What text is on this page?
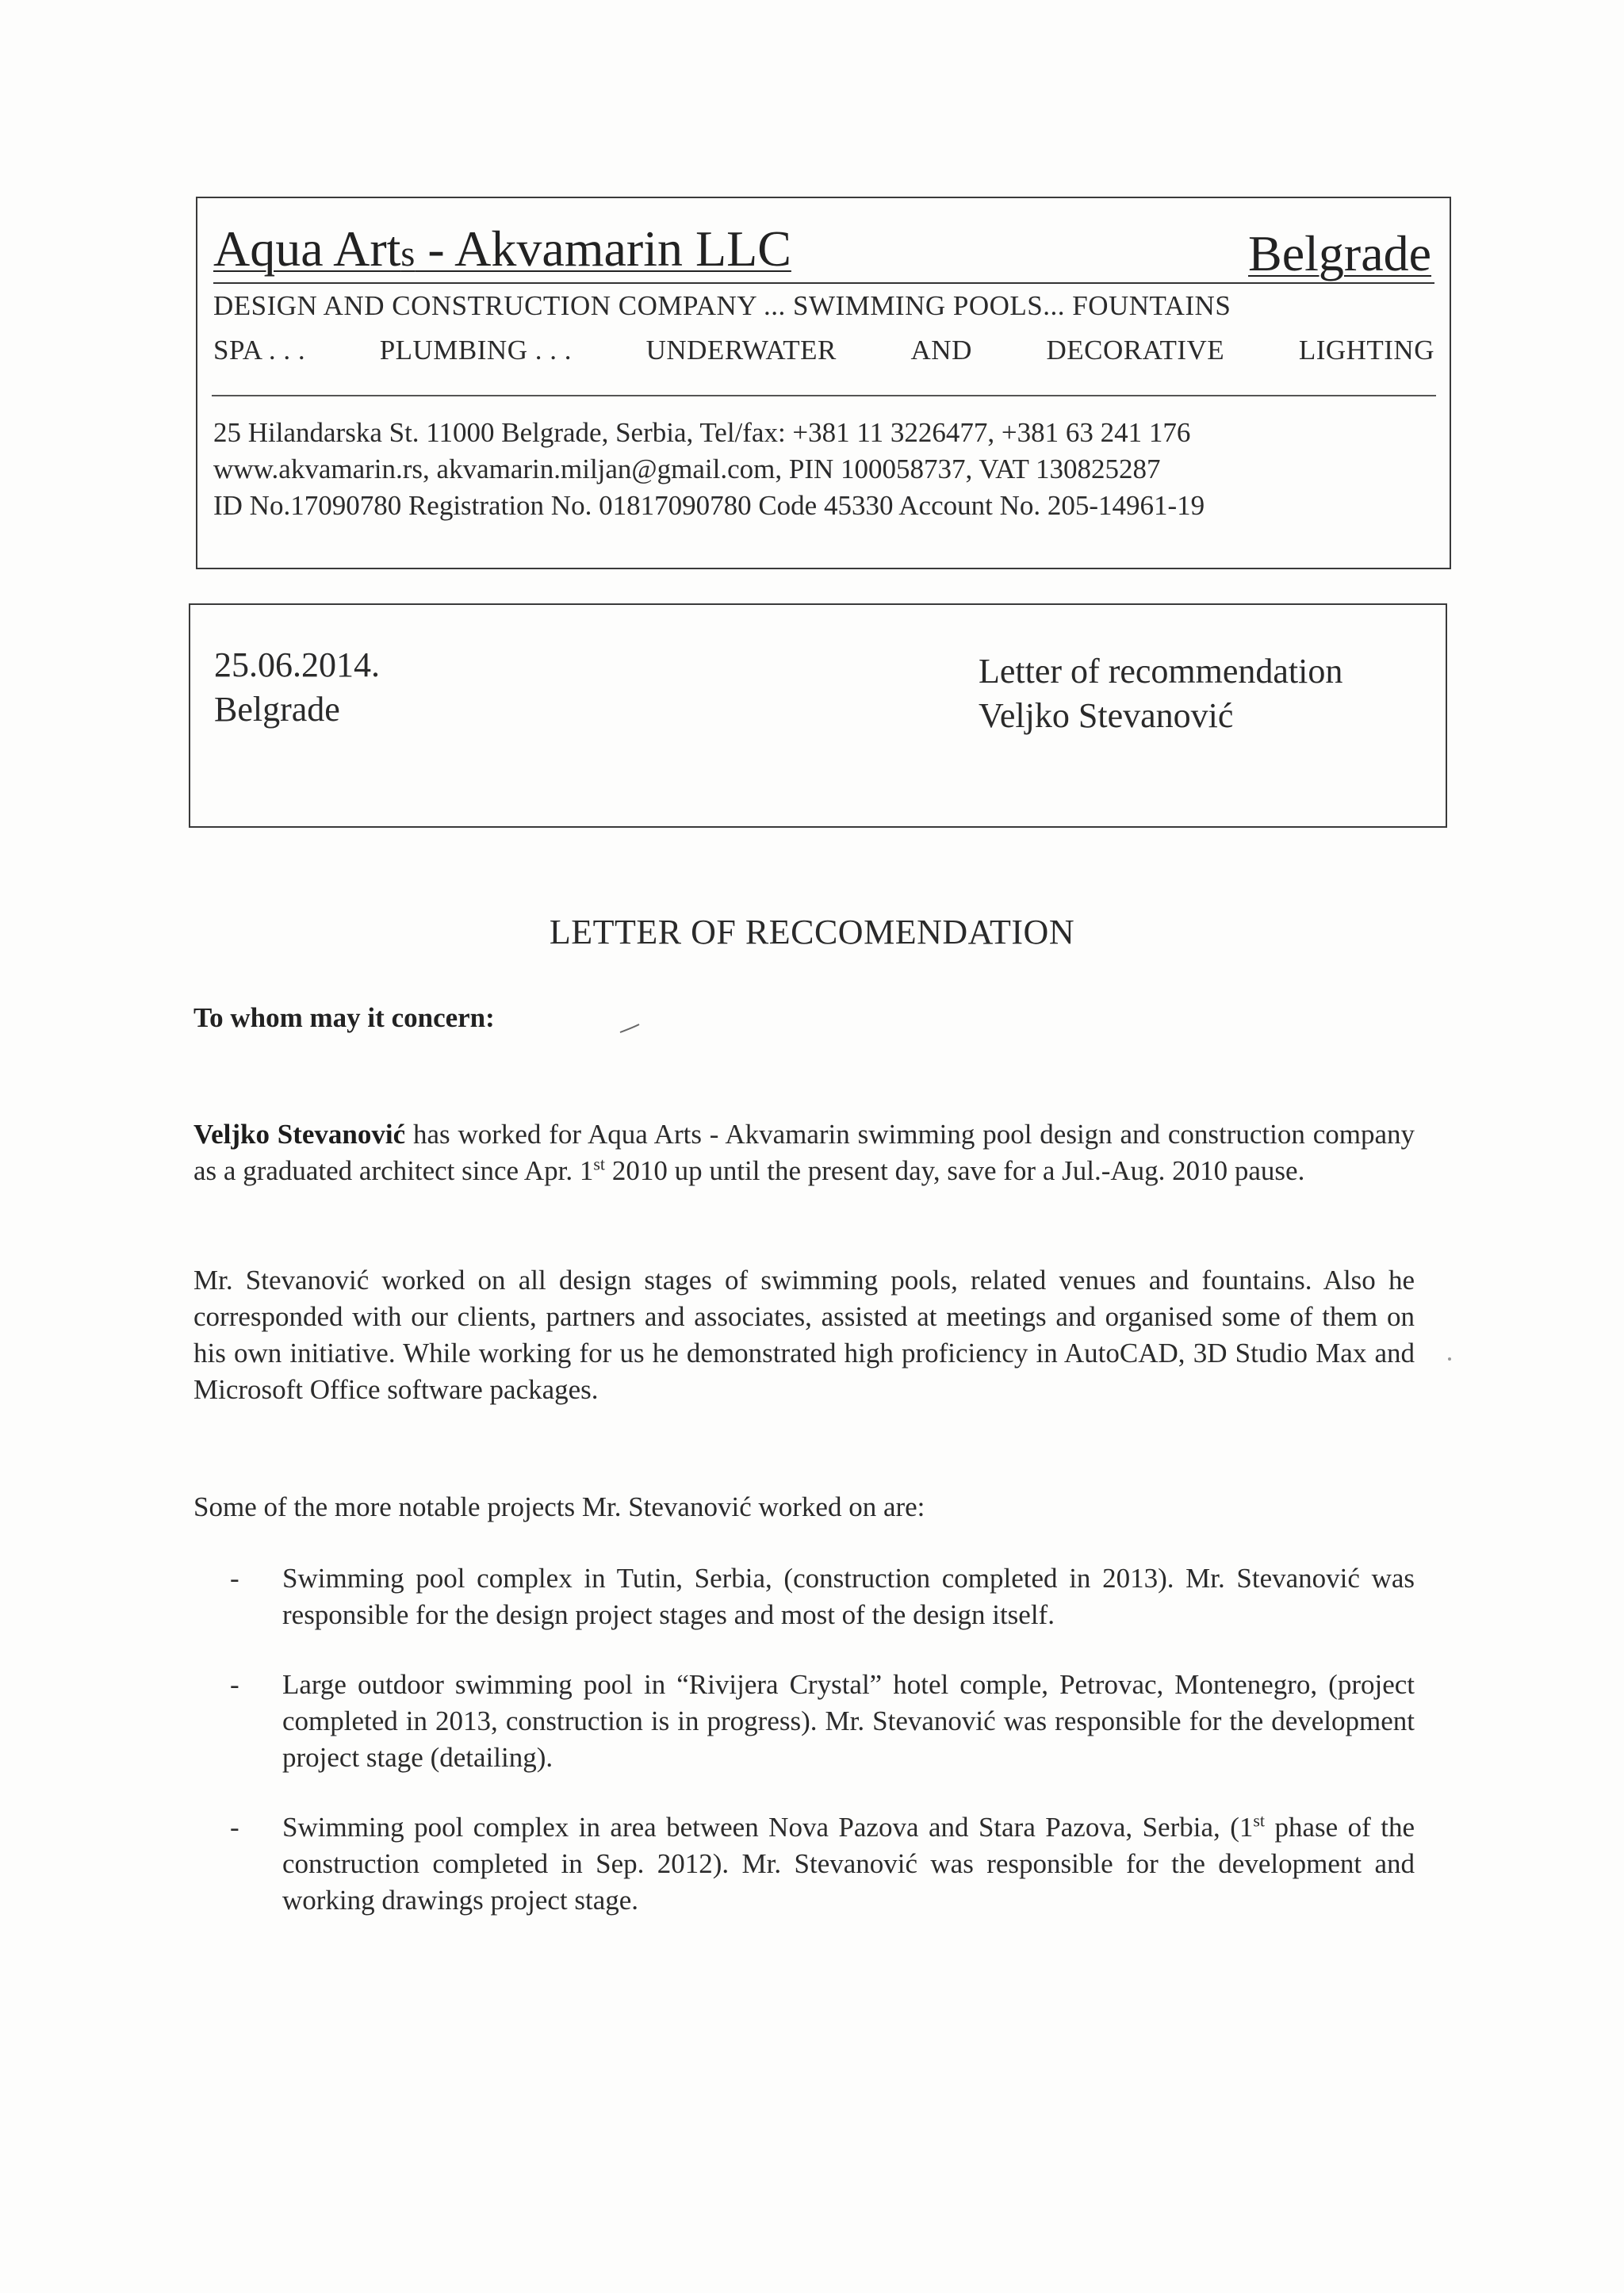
Aqua Arts - Akvamarin LLC	Belgrade
DESIGN AND CONSTRUCTION COMPANY ... SWIMMING POOLS... FOUNTAINS
SPA . . .	PLUMBING . . .	UNDERWATER	AND	DECORATIVE	LIGHTING
25 Hilandarska St. 11000 Belgrade, Serbia, Tel/fax: +381 11 3226477, +381 63 241 176
www.akvamarin.rs, akvamarin.miljan@gmail.com, PIN 100058737, VAT 130825287
ID No.17090780 Registration No. 01817090780 Code 45330 Account No. 205-14961-19
25.06.2014.
Belgrade
Letter of recommendation
Veljko Stevanović
LETTER OF RECCOMENDATION
To whom may it concern:
Veljko Stevanović has worked for Aqua Arts - Akvamarin swimming pool design and construction company as a graduated architect since Apr. 1st 2010 up until the present day, save for a Jul.-Aug. 2010 pause.
Mr. Stevanović worked on all design stages of swimming pools, related venues and fountains. Also he corresponded with our clients, partners and associates, assisted at meetings and organised some of them on his own initiative. While working for us he demonstrated high proficiency in AutoCAD, 3D Studio Max and Microsoft Office software packages.
Some of the more notable projects Mr. Stevanović worked on are:
- Swimming pool complex in Tutin, Serbia, (construction completed in 2013). Mr. Stevanović was responsible for the design project stages and most of the design itself.
- Large outdoor swimming pool in “Rivijera Crystal” hotel comple, Petrovac, Montenegro, (project completed in 2013, construction is in progress). Mr. Stevanović was responsible for the development project stage (detailing).
- Swimming pool complex in area between Nova Pazova and Stara Pazova, Serbia, (1st phase of the construction completed in Sep. 2012). Mr. Stevanović was responsible for the development and working drawings project stage.
